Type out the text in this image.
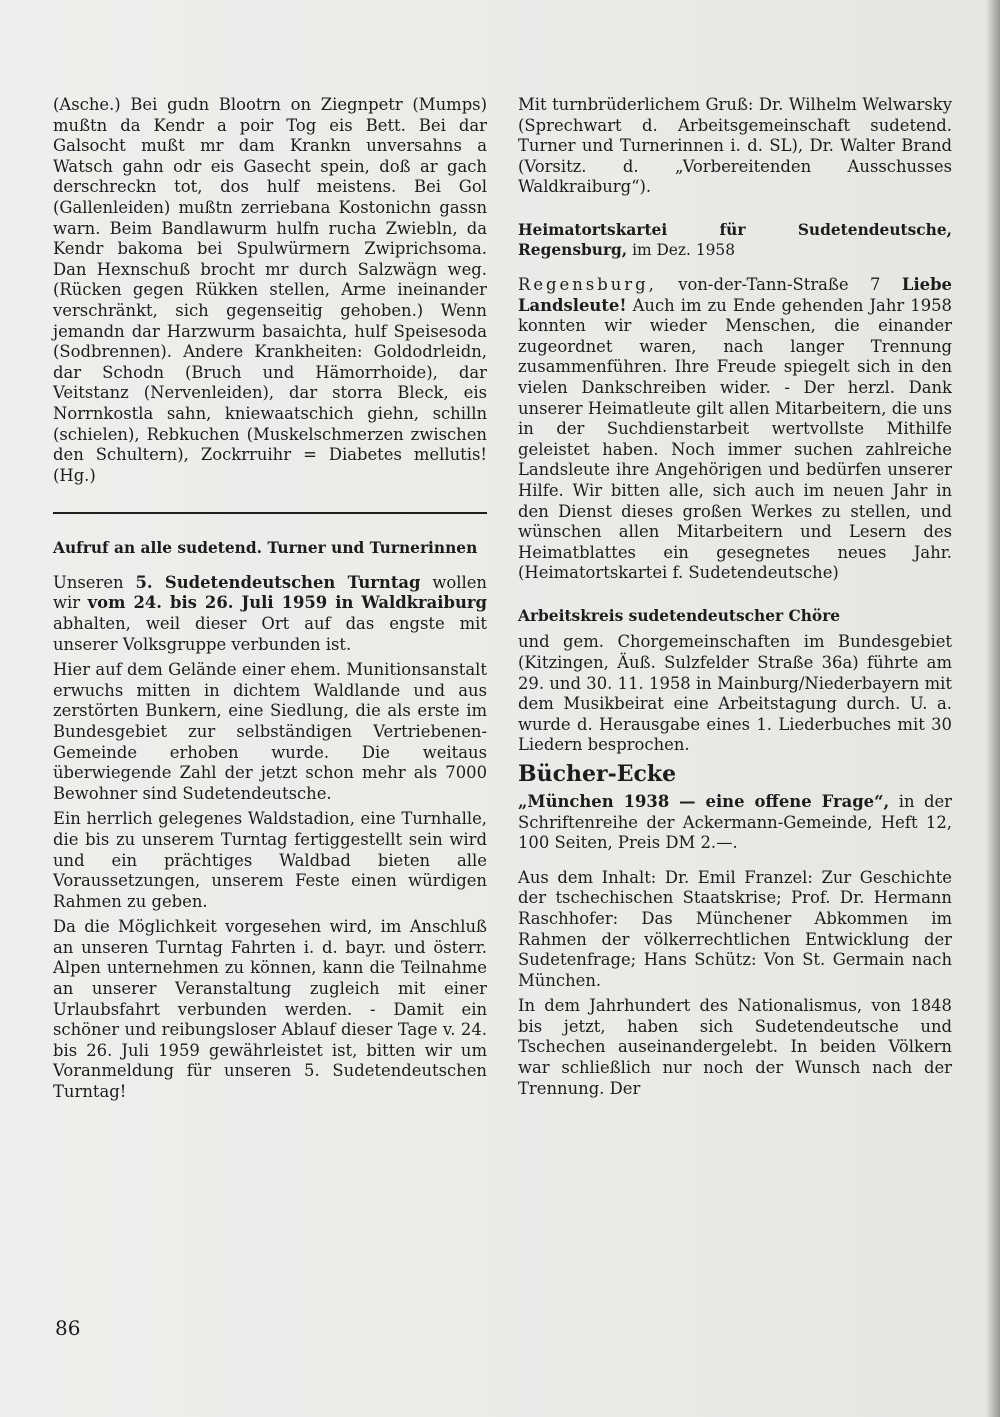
(Asche.) Bei gudn Blootrn on Ziegnpetr (Mumps) mußtn da Kendr a poir Tog eis Bett. Bei dar Galsocht mußt mr dam Krankn unversahns a Watsch gahn odr eis Gasecht spein, doß ar gach derschreckn tot, dos hulf meistens. Bei Gol (Gallenleiden) mußtn zerriebana Kostonichn gassn warn. Beim Bandlawurm hulfn rucha Zwiebln, da Kendr bakoma bei Spulwürmern Zwiprichsoma. Dan Hexnschuß brocht mr durch Salzwägn weg. (Rücken gegen Rükken stellen, Arme ineinander verschränkt, sich gegenseitig gehoben.) Wenn jemandn dar Harzwurm basaichta, hulf Speisesoda (Sodbrennen). Andere Krankheiten: Goldodrleidn, dar Schodn (Bruch und Hämorrhoide), dar Veitstanz (Nervenleiden), dar storra Bleck, eis Norrnkostla sahn, kniewaatschich giehn, schilln (schielen), Rebkuchen (Muskelschmerzen zwischen den Schultern), Zockrruihr = Diabetes mellutis! (Hg.)

Aufruf an alle sudetend. Turner und Turnerinnen

Unseren 5. Sudetendeutschen Turntag wollen wir vom 24. bis 26. Juli 1959 in Waldkraiburg abhalten, weil dieser Ort auf das engste mit unserer Volksgruppe verbunden ist.

Hier auf dem Gelände einer ehem. Munitionsanstalt erwuchs mitten in dichtem Waldlande und aus zerstörten Bunkern, eine Siedlung, die als erste im Bundesgebiet zur selbständigen Vertriebenen-Gemeinde erhoben wurde. Die weitaus überwiegende Zahl der jetzt schon mehr als 7000 Bewohner sind Sudetendeutsche.

Ein herrlich gelegenes Waldstadion, eine Turnhalle, die bis zu unserem Turntag fertiggestellt sein wird und ein prächtiges Waldbad bieten alle Voraussetzungen, unserem Feste einen würdigen Rahmen zu geben.

Da die Möglichkeit vorgesehen wird, im Anschluß an unseren Turntag Fahrten i. d. bayr. und österr. Alpen unternehmen zu können, kann die Teilnahme an unserer Veranstaltung zugleich mit einer Urlaubsfahrt verbunden werden. - Damit ein schöner und reibungsloser Ablauf dieser Tage v. 24. bis 26. Juli 1959 gewährleistet ist, bitten wir um Voranmeldung für unseren 5. Sudetendeutschen Turntag!

Mit turnbrüderlichem Gruß: Dr. Wilhelm Welwarsky (Sprechwart d. Arbeitsgemeinschaft sudetend. Turner und Turnerinnen i. d. SL), Dr. Walter Brand (Vorsitz. d. „Vorbereitenden Ausschusses Waldkraiburg“).

Heimatortskartei für Sudetendeutsche, Regensburg, im Dez. 1958

Regensburg, von-der-Tann-Straße 7 Liebe Landsleute! Auch im zu Ende gehenden Jahr 1958 konnten wir wieder Menschen, die einander zugeordnet waren, nach langer Trennung zusammenführen. Ihre Freude spiegelt sich in den vielen Dankschreiben wider. - Der herzl. Dank unserer Heimatleute gilt allen Mitarbeitern, die uns in der Suchdienstarbeit wertvollste Mithilfe geleistet haben. Noch immer suchen zahlreiche Landsleute ihre Angehörigen und bedürfen unserer Hilfe. Wir bitten alle, sich auch im neuen Jahr in den Dienst dieses großen Werkes zu stellen, und wünschen allen Mitarbeitern und Lesern des Heimatblattes ein gesegnetes neues Jahr. (Heimatortskartei f. Sudetendeutsche)

Arbeitskreis sudetendeutscher Chöre

und gem. Chorgemeinschaften im Bundesgebiet (Kitzingen, Äuß. Sulzfelder Straße 36a) führte am 29. und 30. 11. 1958 in Mainburg/Niederbayern mit dem Musikbeirat eine Arbeitstagung durch. U. a. wurde d. Herausgabe eines 1. Liederbuches mit 30 Liedern besprochen.

Bücher-Ecke

„München 1938 — eine offene Frage“, in der Schriftenreihe der Ackermann-Gemeinde, Heft 12, 100 Seiten, Preis DM 2.—.

Aus dem Inhalt: Dr. Emil Franzel: Zur Geschichte der tschechischen Staatskrise; Prof. Dr. Hermann Raschhofer: Das Münchener Abkommen im Rahmen der völkerrechtlichen Entwicklung der Sudetenfrage; Hans Schütz: Von St. Germain nach München.

In dem Jahrhundert des Nationalismus, von 1848 bis jetzt, haben sich Sudetendeutsche und Tschechen auseinandergelebt. In beiden Völkern war schließlich nur noch der Wunsch nach der Trennung. Der

86
